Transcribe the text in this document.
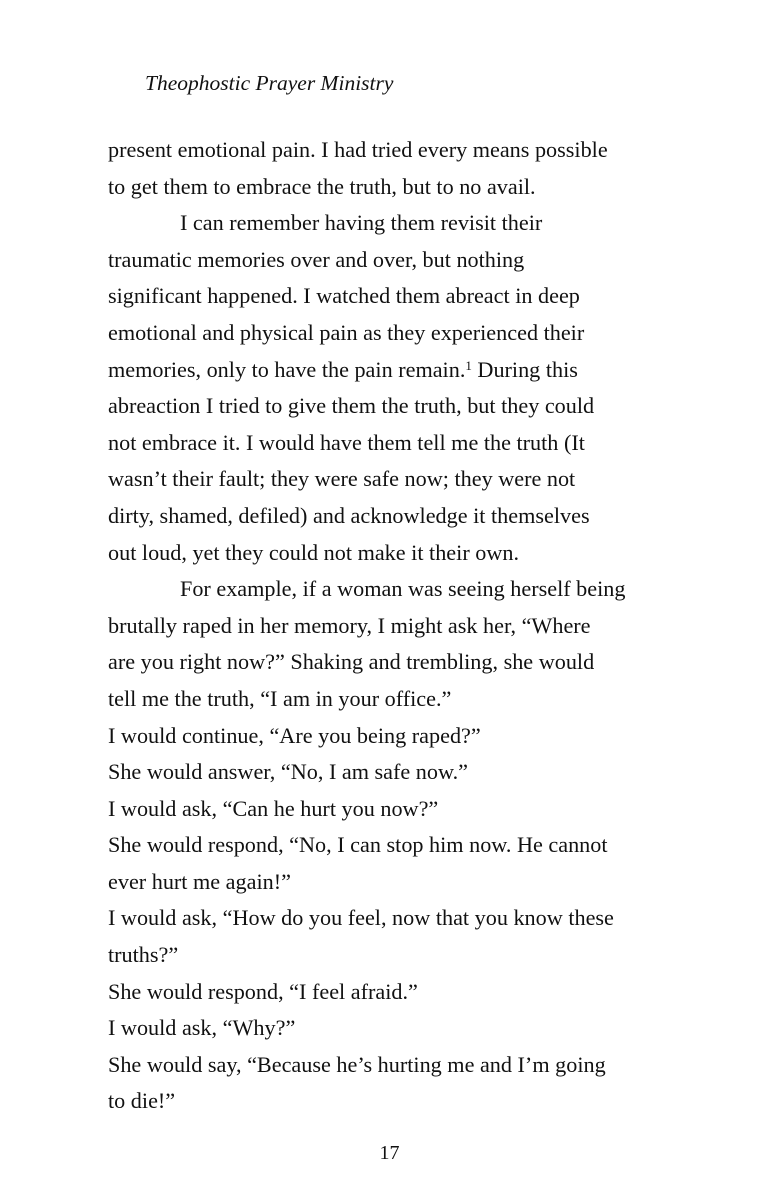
Theophostic Prayer Ministry
present emotional pain. I had tried every means possible
to get them to embrace the truth, but to no avail.
I can remember having them revisit their
traumatic memories over and over, but nothing
significant happened. I watched them abreact in deep
emotional and physical pain as they experienced their
memories, only to have the pain remain.$^1$ During this
abreaction I tried to give them the truth, but they could
not embrace it. I would have them tell me the truth (It
wasn’t their fault; they were safe now; they were not
dirty, shamed, defiled) and acknowledge it themselves
out loud, yet they could not make it their own.
For example, if a woman was seeing herself being
brutally raped in her memory, I might ask her, “Where
are you right now?” Shaking and trembling, she would
tell me the truth, “I am in your office.”
I would continue, “Are you being raped?”
She would answer, “No, I am safe now.”
I would ask, “Can he hurt you now?”
She would respond, “No, I can stop him now. He cannot
ever hurt me again!”
I would ask, “How do you feel, now that you know these
truths?”
She would respond, “I feel afraid.”
I would ask, “Why?”
She would say, “Because he’s hurting me and I’m going
to die!”
17
